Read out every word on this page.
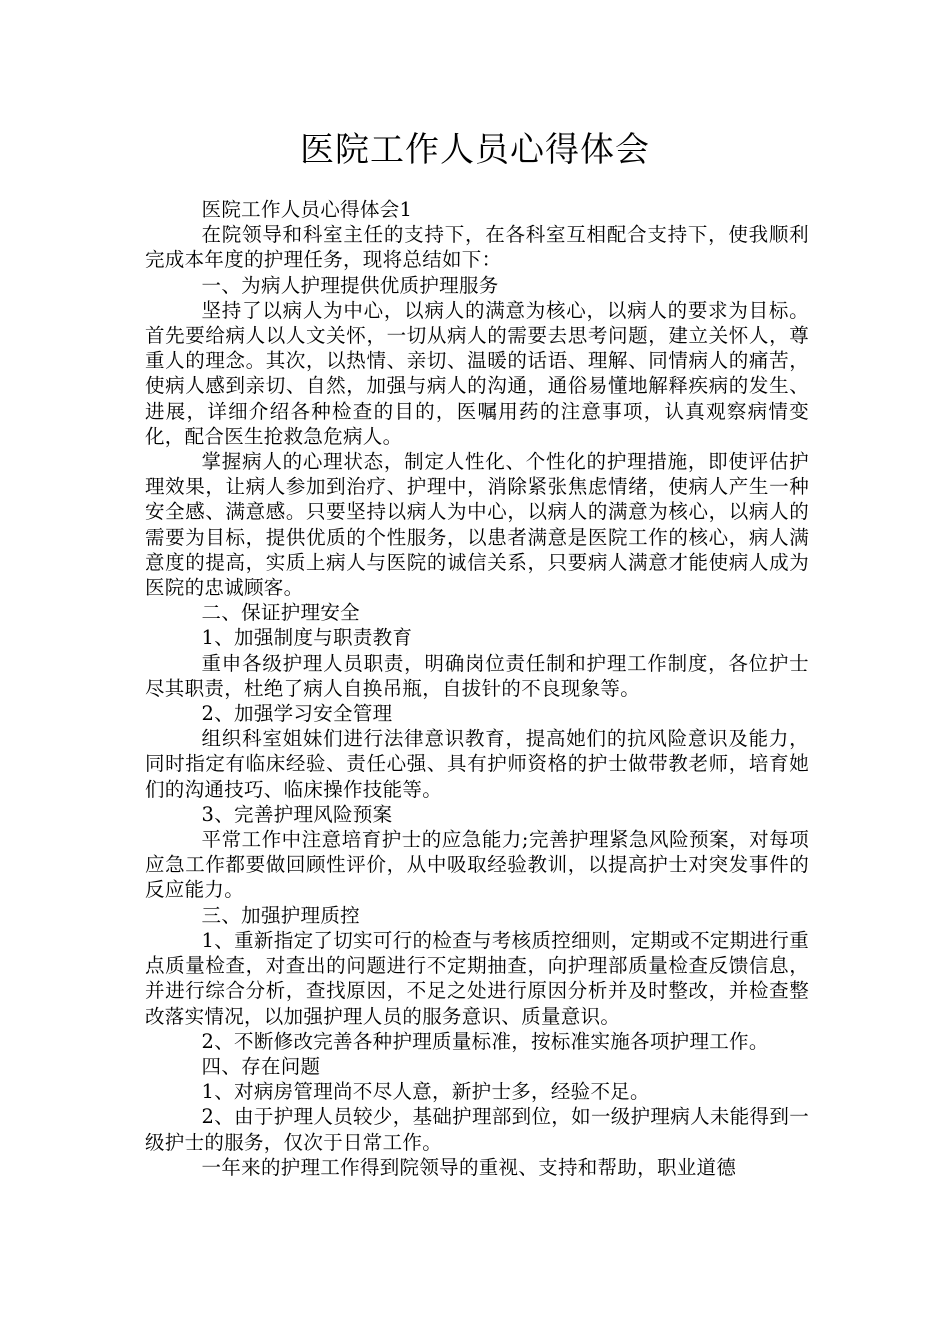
医院工作人员心得体会

医院工作人员心得体会1

在院领导和科室主任的支持下，在各科室互相配合支持下，使我顺利完成本年度的护理任务，现将总结如下：

一、为病人护理提供优质护理服务

坚持了以病人为中心，以病人的满意为核心，以病人的要求为目标。首先要给病人以人文关怀，一切从病人的需要去思考问题，建立关怀人，尊重人的理念。其次，以热情、亲切、温暖的话语、理解、同情病人的痛苦，使病人感到亲切、自然，加强与病人的沟通，通俗易懂地解释疾病的发生、进展，详细介绍各种检查的目的，医嘱用药的注意事项，认真观察病情变化，配合医生抢救急危病人。

掌握病人的心理状态，制定人性化、个性化的护理措施，即使评估护理效果，让病人参加到治疗、护理中，消除紧张焦虑情绪，使病人产生一种安全感、满意感。只要坚持以病人为中心，以病人的满意为核心，以病人的需要为目标，提供优质的个性服务，以患者满意是医院工作的核心，病人满意度的提高，实质上病人与医院的诚信关系，只要病人满意才能使病人成为医院的忠诚顾客。

二、保证护理安全

1、加强制度与职责教育

重申各级护理人员职责，明确岗位责任制和护理工作制度，各位护士尽其职责，杜绝了病人自换吊瓶，自拔针的不良现象等。

2、加强学习安全管理

组织科室姐妹们进行法律意识教育，提高她们的抗风险意识及能力，同时指定有临床经验、责任心强、具有护师资格的护士做带教老师，培育她们的沟通技巧、临床操作技能等。

3、完善护理风险预案

平常工作中注意培育护士的应急能力;完善护理紧急风险预案，对每项应急工作都要做回顾性评价，从中吸取经验教训，以提高护士对突发事件的反应能力。

三、加强护理质控

1、重新指定了切实可行的检查与考核质控细则，定期或不定期进行重点质量检查，对查出的问题进行不定期抽查，向护理部质量检查反馈信息，并进行综合分析，查找原因，不足之处进行原因分析并及时整改，并检查整改落实情况，以加强护理人员的服务意识、质量意识。

2、不断修改完善各种护理质量标准，按标准实施各项护理工作。

四、存在问题

1、对病房管理尚不尽人意，新护士多，经验不足。

2、由于护理人员较少，基础护理部到位，如一级护理病人未能得到一级护士的服务，仅次于日常工作。

一年来的护理工作得到院领导的重视、支持和帮助，职业道德
